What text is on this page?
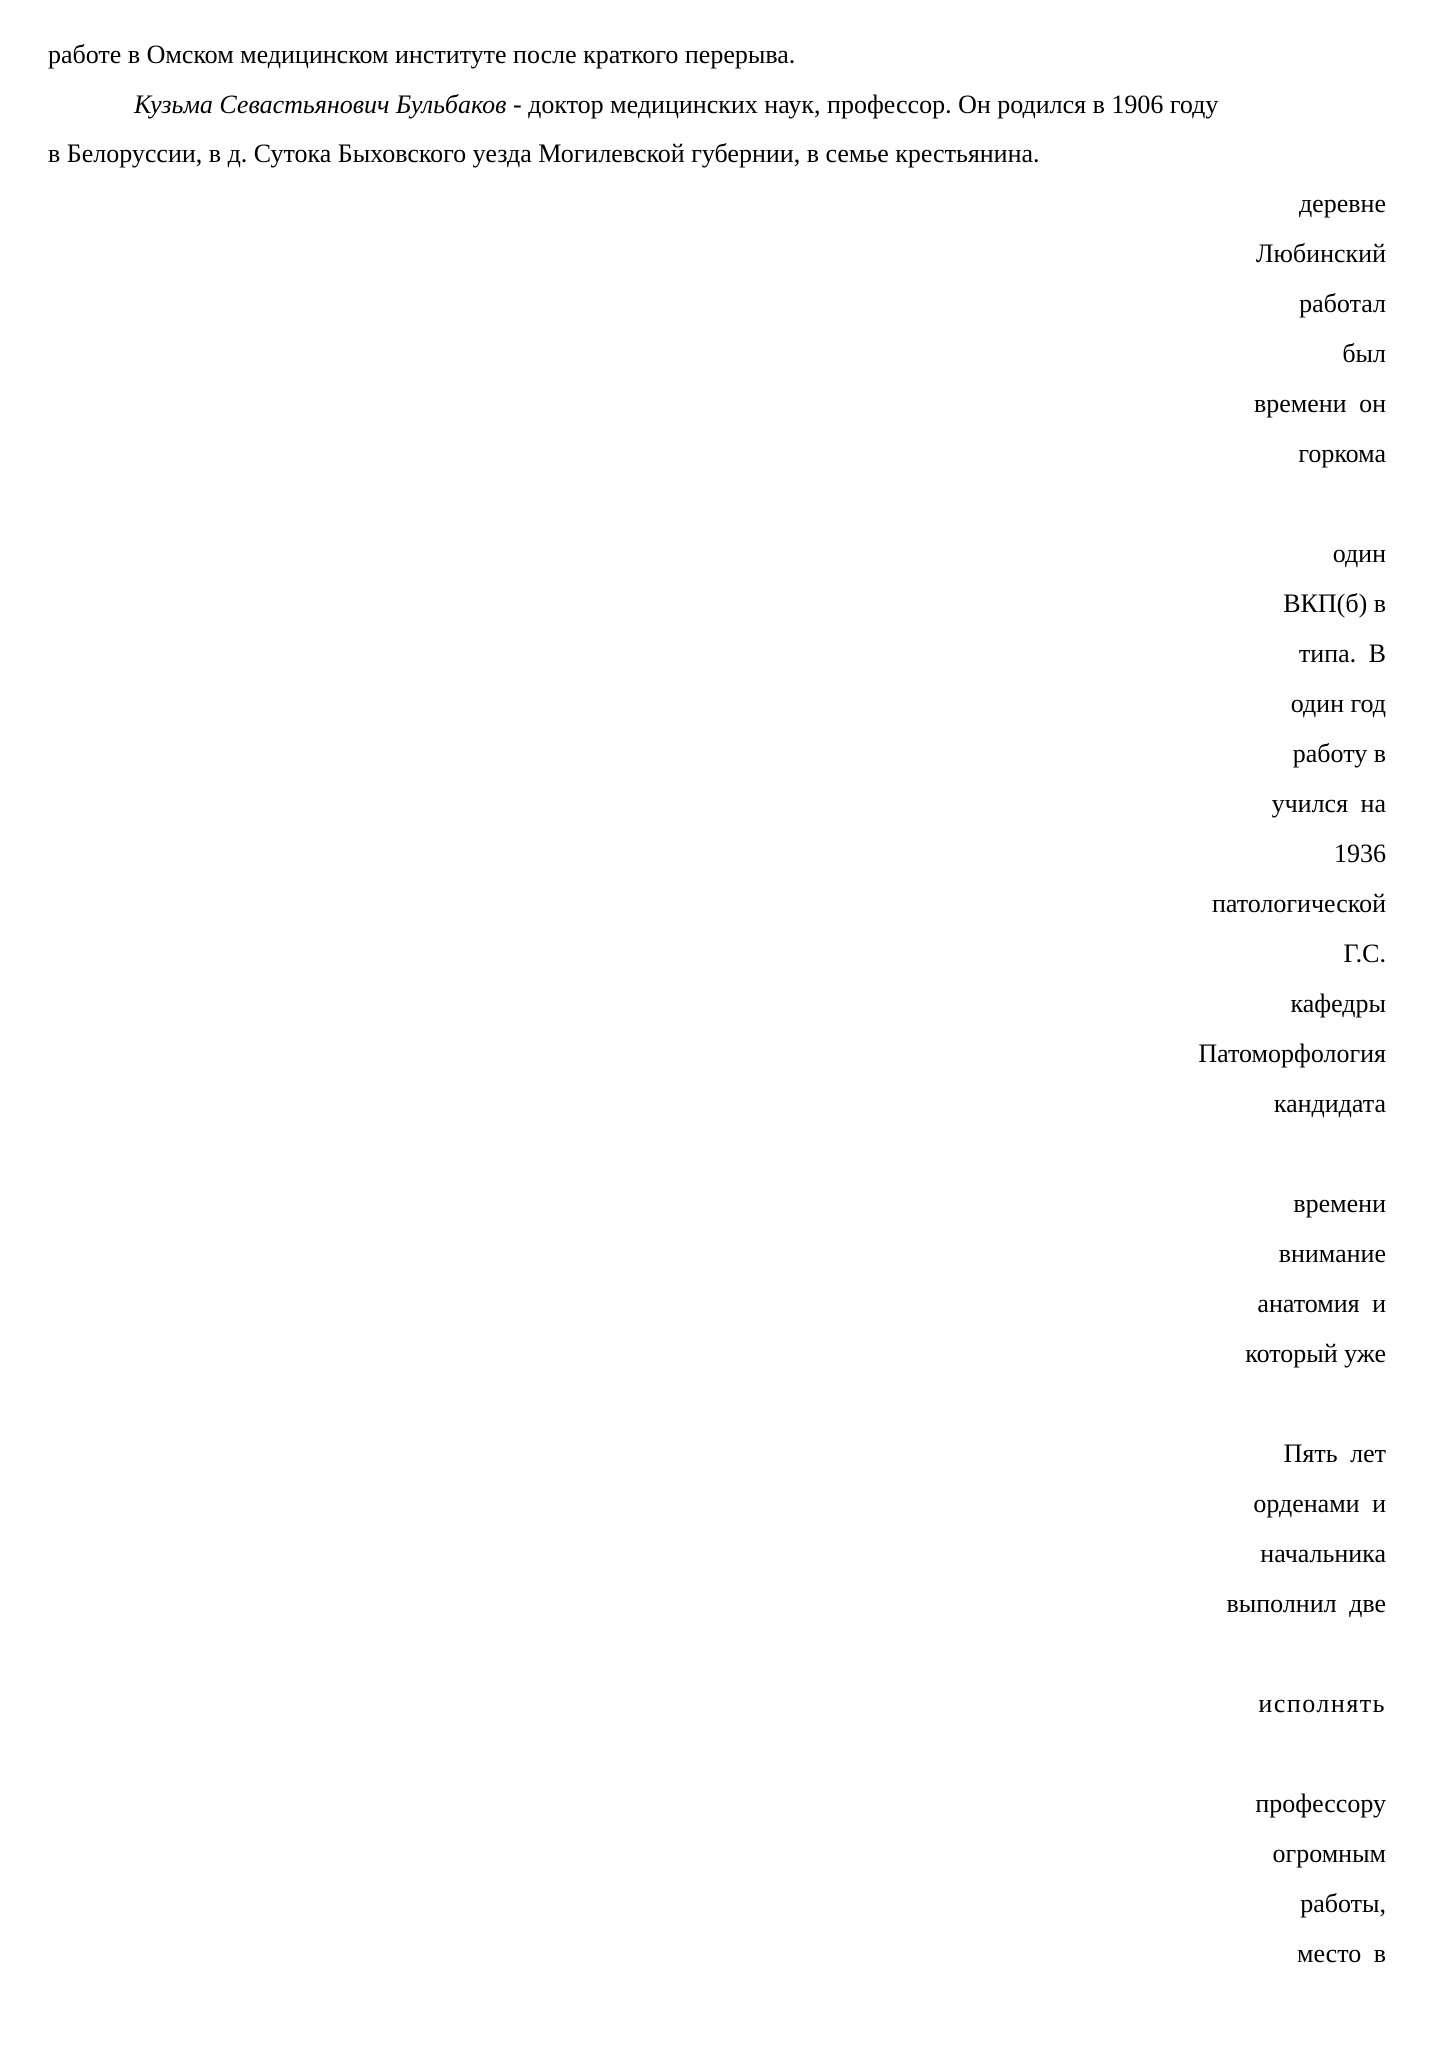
работе в Омском медицинском институте после краткого перерыва.
Кузьма Севастьянович Бульбаков - доктор медицинских наук, профессор. Он родился в 1906 году
в Белоруссии, в д. Сутока Быховского уезда Могилевской губернии, в семье крестьянина.
деревне
Любинский
работал
был
времени он
горкома
один
ВКП(б) в
типа. В
один год
работу в
учился на
1936
патологической
Г.С.
кафедры
Патоморфология
кандидата
времени
внимание
анатомия и
который уже
Пять лет
орденами и
начальника
выполнил две
исполнять
профессору
огромным
работы,
место в
